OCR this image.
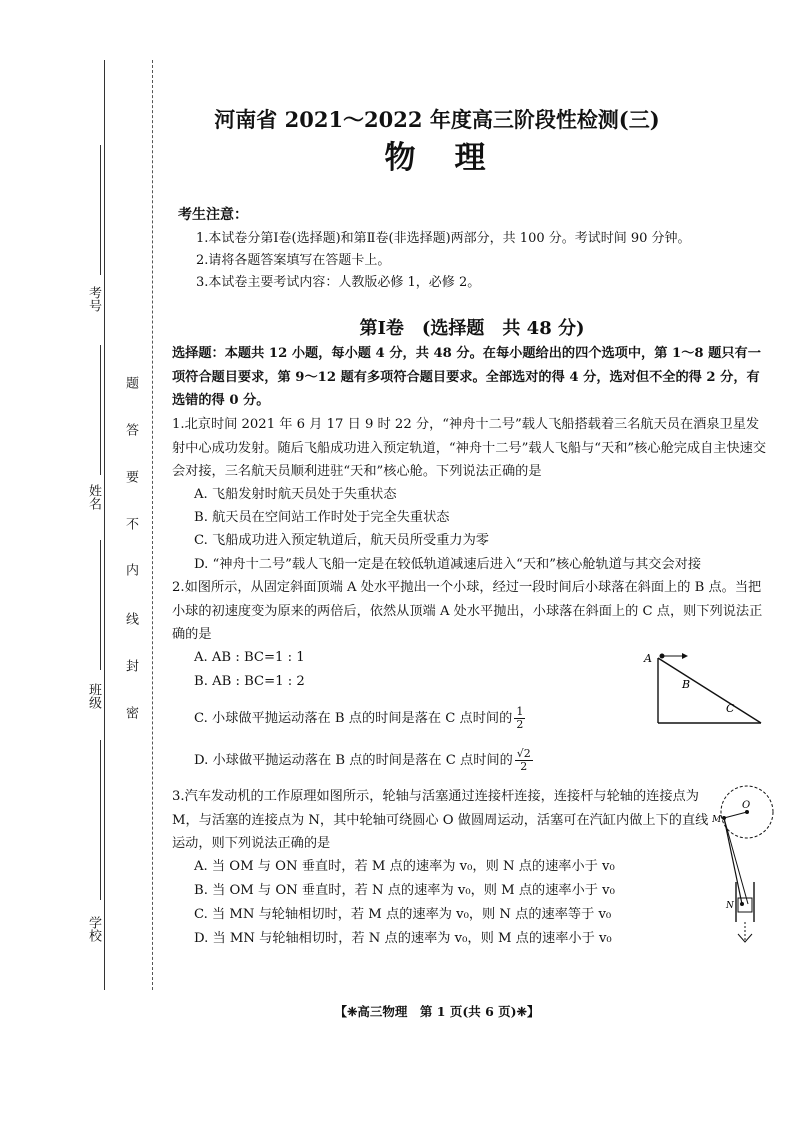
考号
姓名
班级
学校
题
答
要
不
内
线
封
密
河南省 2021～2022 年度高三阶段性检测(三)
物　理
考生注意：
1.本试卷分第Ⅰ卷(选择题)和第Ⅱ卷(非选择题)两部分，共 100 分。考试时间 90 分钟。
2.请将各题答案填写在答题卡上。
3.本试卷主要考试内容：人教版必修 1，必修 2。
第Ⅰ卷　(选择题　共 48 分)
选择题：本题共 12 小题，每小题 4 分，共 48 分。在每小题给出的四个选项中，第 1～8 题只有一项符合题目要求，第 9～12 题有多项符合题目要求。全部选对的得 4 分，选对但不全的得 2 分，有选错的得 0 分。
1.北京时间 2021 年 6 月 17 日 9 时 22 分，“神舟十二号”载人飞船搭载着三名航天员在酒泉卫星发射中心成功发射。随后飞船成功进入预定轨道，“神舟十二号”载人飞船与“天和”核心舱完成自主快速交会对接，三名航天员顺利进驻“天和”核心舱。下列说法正确的是
A. 飞船发射时航天员处于失重状态
B. 航天员在空间站工作时处于完全失重状态
C. 飞船成功进入预定轨道后，航天员所受重力为零
D. “神舟十二号”载人飞船一定是在较低轨道减速后进入“天和”核心舱轨道与其交会对接
2.如图所示，从固定斜面顶端 A 处水平抛出一个小球，经过一段时间后小球落在斜面上的 B 点。当把小球的初速度变为原来的两倍后，依然从顶端 A 处水平抛出，小球落在斜面上的 C 点，则下列说法正确的是
A. AB : BC=1 : 1
B. AB : BC=1 : 2
C. 小球做平抛运动落在 B 点的时间是落在 C 点时间的 $\frac{1}{2}$
D. 小球做平抛运动落在 B 点的时间是落在 C 点时间的 $\frac{√2}{2}$
A
B
C
3.汽车发动机的工作原理如图所示，轮轴与活塞通过连接杆连接，连接杆与轮轴的连接点为 M，与活塞的连接点为 N，其中轮轴可绕圆心 O 做圆周运动，活塞可在汽缸内做上下的直线运动，则下列说法正确的是
A. 当 OM 与 ON 垂直时，若 M 点的速率为 v₀，则 N 点的速率小于 v₀
B. 当 OM 与 ON 垂直时，若 N 点的速率为 v₀，则 M 点的速率小于 v₀
C. 当 MN 与轮轴相切时，若 M 点的速率为 v₀，则 N 点的速率等于 v₀
D. 当 MN 与轮轴相切时，若 N 点的速率为 v₀，则 M 点的速率小于 v₀
O
M
N
【❈高三物理　第 1 页(共 6 页)❈】
